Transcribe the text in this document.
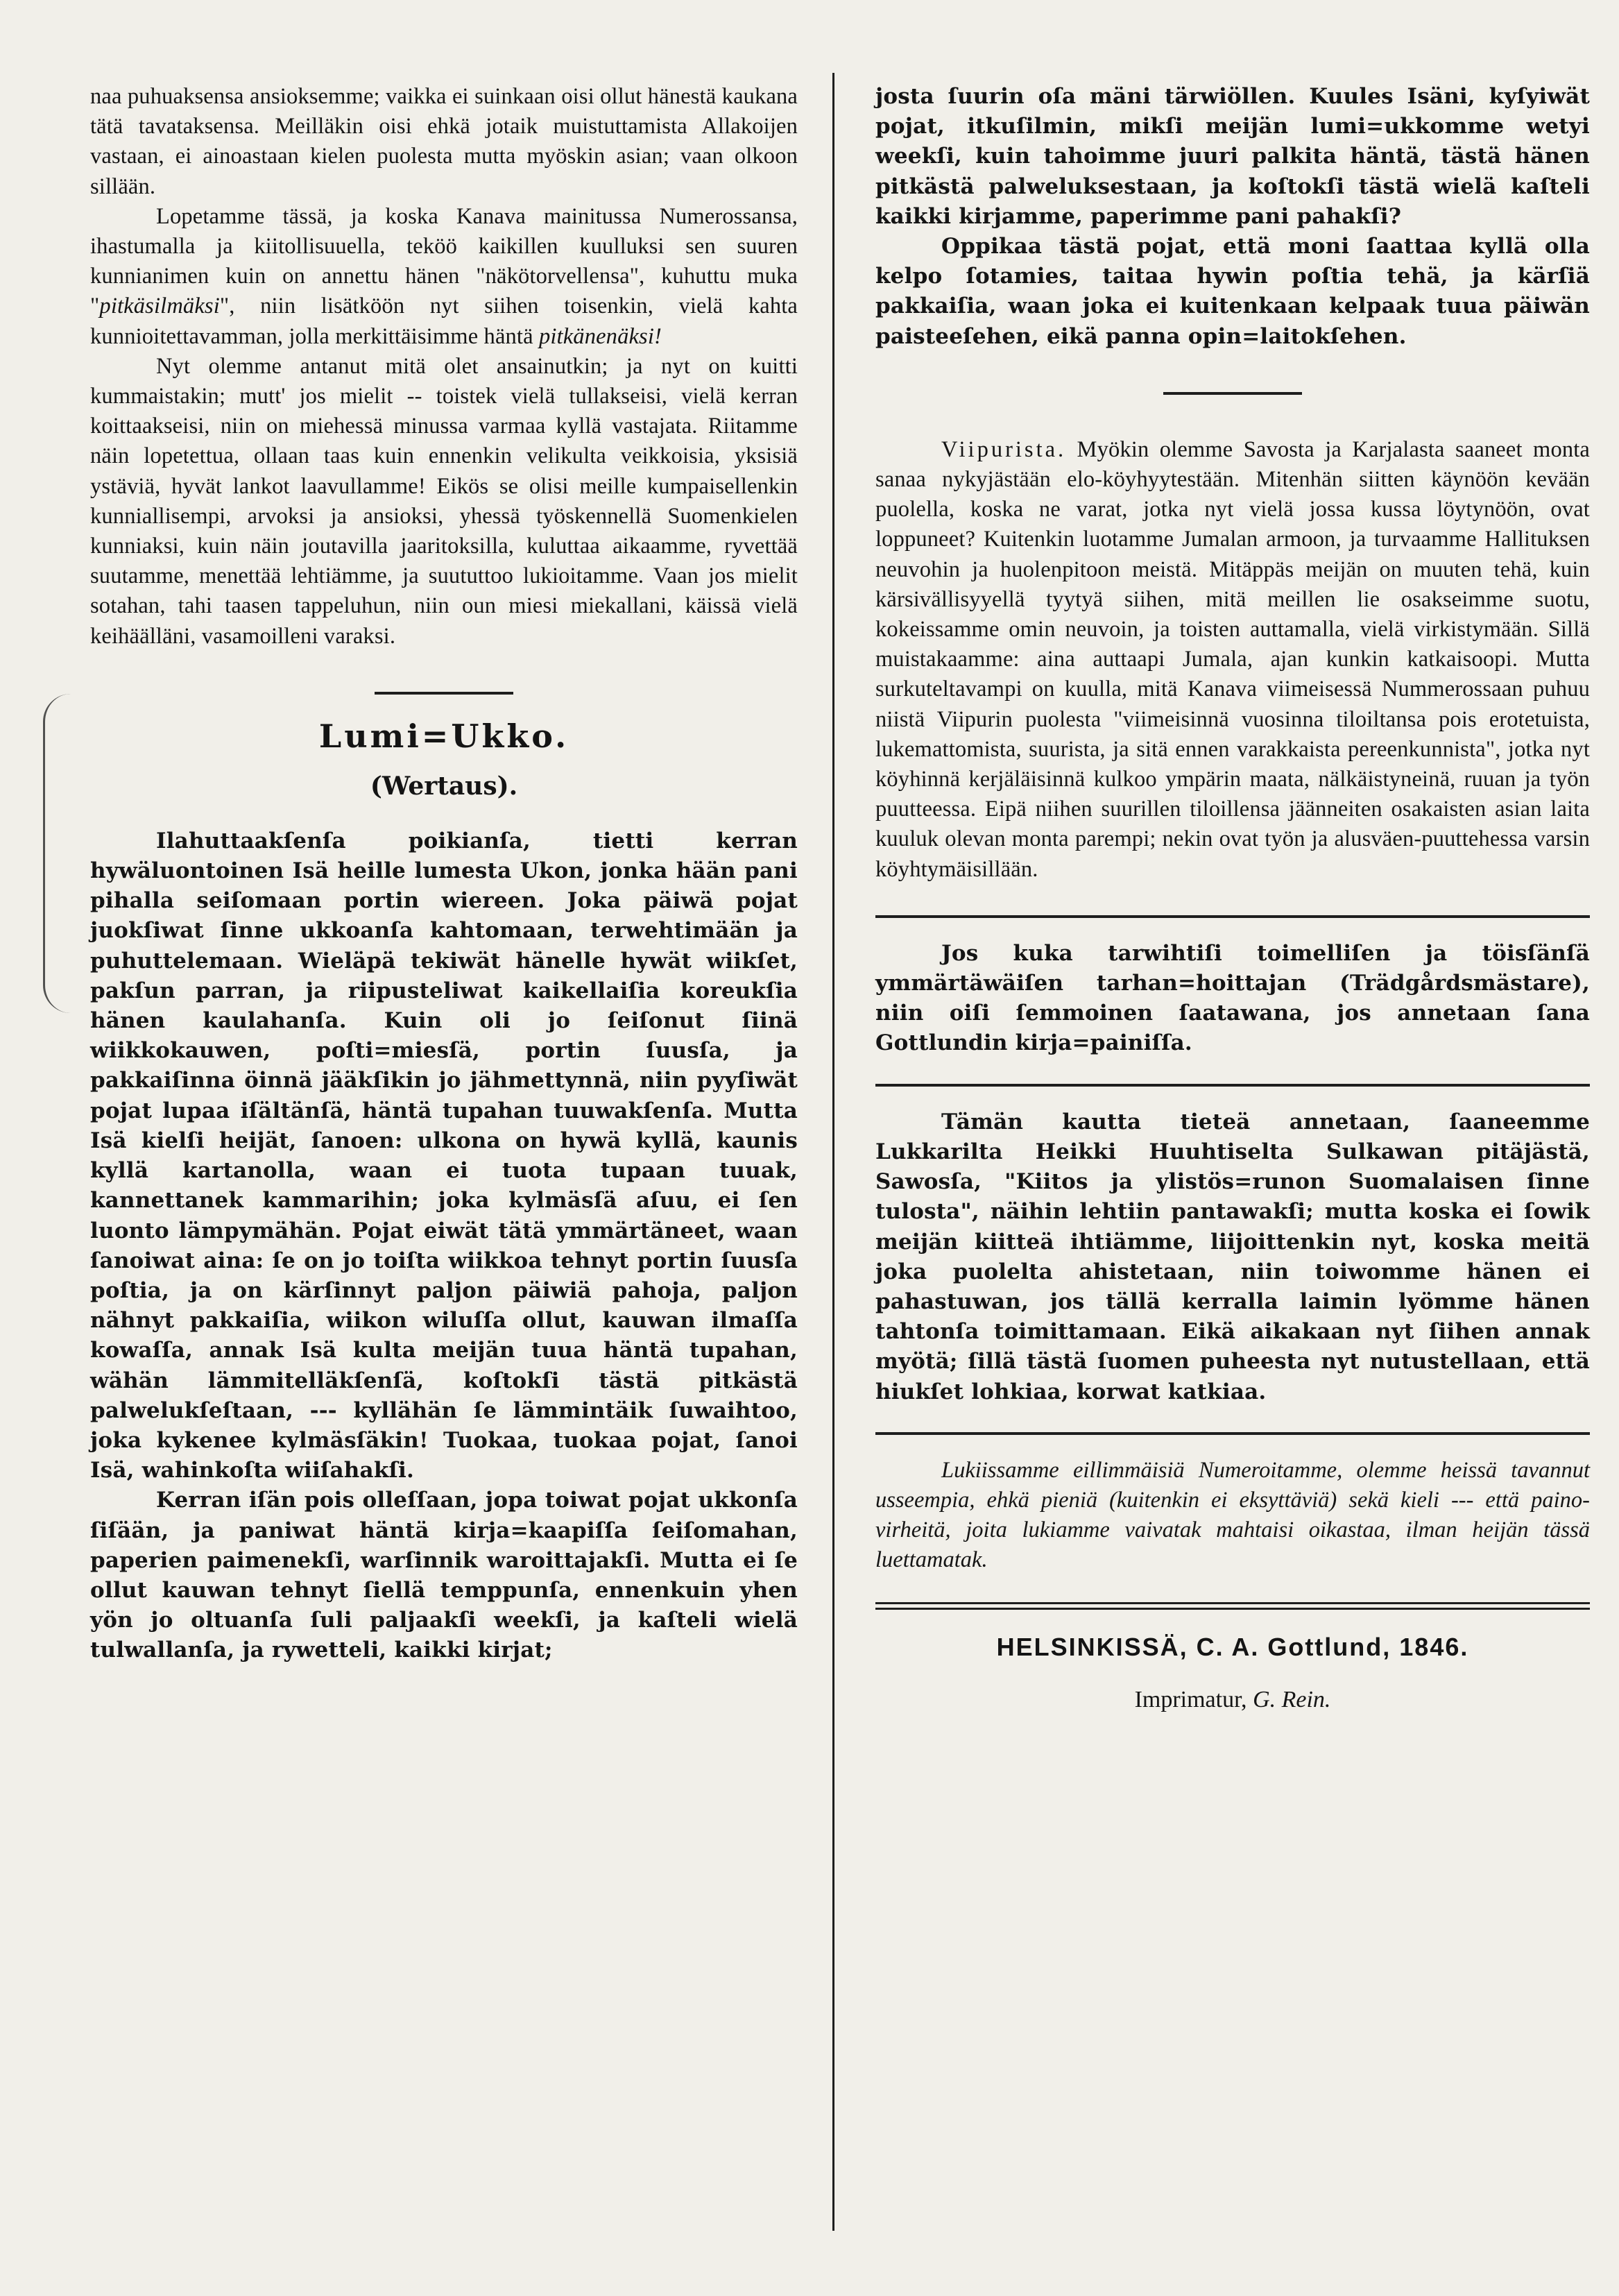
naa puhuaksensa ansioksemme; vaikka ei suinkaan oisi ollut hänestä kaukana tätä tavataksensa. Meilläkin oisi ehkä jotaik muistuttamista Allakoijen vastaan, ei ainoastaan kielen puolesta mutta myöskin asian; vaan olkoon sillään.

Lopetamme tässä, ja koska Kanava mainitussa Numerossansa, ihastumalla ja kiitollisuuella, teköö kaikillen kuulluksi sen suuren kunnianimen kuin on annettu hänen "näkötorvellensa", kuhuttu muka "pitkäsilmäksi", niin lisätköön nyt siihen toisenkin, vielä kahta kunnioitettavamman, jolla merkittäisimme häntä pitkänenäksi!

Nyt olemme antanut mitä olet ansainutkin; ja nyt on kuitti kummaistakin; mutt' jos mielit -- toistek vielä tullakseisi, vielä kerran koittaakseisi, niin on miehessä minussa varmaa kyllä vastajata. Riitamme näin lopetettua, ollaan taas kuin ennenkin velikulta veikkoisia, yksisiä ystäviä, hyvät lankot laavullamme! Eikös se olisi meille kumpaisellenkin kunniallisempi, arvoksi ja ansioksi, yhessä työskennellä Suomenkielen kunniaksi, kuin näin joutavilla jaaritoksilla, kuluttaa aikaamme, ryvettää suutamme, menettää lehtiämme, ja suututtoo lukioitamme. Vaan jos mielit sotahan, tahi taasen tappeluhun, niin oun miesi miekallani, käissä vielä keihäälläni, vasamoilleni varaksi.

Lumi=Ukko.
(Wertaus).

Ilahuttaakſenſa poikianſa, tietti kerran hywäluontoinen Isä heille lumesta Ukon, jonka hään pani pihalla seiſomaan portin wiereen. Joka päiwä pojat juokſiwat ſinne ukkoanſa kahtomaan, terwehtimään ja puhuttelemaan. Wieläpä tekiwät hänelle hywät wiikſet, pakſun parran, ja riipusteliwat kaikellaiſia koreukſia hänen kaulahanſa. Kuin oli jo ſeiſonut ſiinä wiikkokauwen, poſti=miesſä, portin ſuusſa, ja pakkaiſinna öinnä jääkſikin jo jähmettynnä, niin pyyſiwät pojat lupaa iſältänſä, häntä tupahan tuuwakſenſa. Mutta Isä kielſi heijät, ſanoen: ulkona on hywä kyllä, kaunis kyllä kartanolla, waan ei tuota tupaan tuuak, kannettanek kammarihin; joka kylmäsſä aſuu, ei ſen luonto lämpymähän. Pojat eiwät tätä ymmärtäneet, waan ſanoiwat aina: ſe on jo toiſta wiikkoa tehnyt portin ſuusſa poſtia, ja on kärſinnyt paljon päiwiä pahoja, paljon nähnyt pakkaiſia, wiikon wiluſſa ollut, kauwan ilmaſſa kowaſſa, annak Isä kulta meijän tuua häntä tupahan, wähän lämmitelläkſenſä, koſtokſi tästä pitkästä palwelukſeſtaan, --- kyllähän ſe lämmintäik ſuwaihtoo, joka kykenee kylmäsſäkin! Tuokaa, tuokaa pojat, ſanoi Isä, wahinkoſta wiiſahakſi.

Kerran iſän pois olleſſaan, jopa toiwat pojat ukkonſa ſiſään, ja paniwat häntä kirja=kaapiſſa ſeiſomahan, paperien paimenekſi, warſinnik waroittajakſi. Mutta ei ſe ollut kauwan tehnyt ſiellä temppunſa, ennenkuin yhen yön jo oltuanſa ſuli paljaakſi weekſi, ja kaſteli wielä tulwallanſa, ja rywetteli, kaikki kirjat;

josta ſuurin oſa mäni tärwiöllen. Kuules Isäni, kyſyiwät pojat, itkuſilmin, mikſi meijän lumi=ukkomme wetyi weekſi, kuin tahoimme juuri palkita häntä, tästä hänen pitkästä palweluksestaan, ja koſtokſi tästä wielä kaſteli kaikki kirjamme, paperimme pani pahakſi?

Oppikaa tästä pojat, että moni ſaattaa kyllä olla kelpo ſotamies, taitaa hywin poſtia tehä, ja kärſiä pakkaiſia, waan joka ei kuitenkaan kelpaak tuua päiwän paisteeſehen, eikä panna opin=laitokſehen.

Viipurista. Myökin olemme Savosta ja Karjalasta saaneet monta sanaa nykyjästään elo-köyhyytestään. Mitenhän siitten käynöön kevään puolella, koska ne varat, jotka nyt vielä jossa kussa löytynöön, ovat loppuneet? Kuitenkin luotamme Jumalan armoon, ja turvaamme Hallituksen neuvohin ja huolenpitoon meistä. Mitäppäs meijän on muuten tehä, kuin kärsivällisyyellä tyytyä siihen, mitä meillen lie osakseimme suotu, kokeissamme omin neuvoin, ja toisten auttamalla, vielä virkistymään. Sillä muistakaamme: aina auttaapi Jumala, ajan kunkin katkaisoopi. Mutta surkuteltavampi on kuulla, mitä Kanava viimeisessä Nummerossaan puhuu niistä Viipurin puolesta "viimeisinnä vuosinna tiloiltansa pois erotetuista, lukemattomista, suurista, ja sitä ennen varakkaista pereenkunnista", jotka nyt köyhinnä kerjäläisinnä kulkoo ympärin maata, nälkäistyneinä, ruuan ja työn puutteessa. Eipä niihen suurillen tiloillensa jäänneiten osakaisten asian laita kuuluk olevan monta parempi; nekin ovat työn ja alusväen-puuttehessa varsin köyhtymäisillään.

Jos kuka tarwihtiſi toimelliſen ja töisſänſä ymmärtäwäiſen tarhan=hoittajan (Trädgårdsmästare), niin oiſi ſemmoinen ſaatawana, jos annetaan ſana Gottlundin kirja=painiſſa.

Tämän kautta tieteä annetaan, ſaaneemme Lukkarilta Heikki Huuhtiselta Sulkawan pitäjästä, Sawosſa, "Kiitos ja ylistös=runon Suomalaisen ſinne tulosta", näihin lehtiin pantawakſi; mutta koska ei ſowik meijän kiitteä ihtiämme, liijoittenkin nyt, koska meitä joka puolelta ahistetaan, niin toiwomme hänen ei pahastuwan, jos tällä kerralla laimin lyömme hänen tahtonſa toimittamaan. Eikä aikakaan nyt ſiihen annak myötä; ſillä tästä ſuomen puheesta nyt nutustellaan, että hiukſet lohkiaa, korwat katkiaa.

Lukiissamme eillimmäisiä Numeroitamme, olemme heissä tavannut usseempia, ehkä pieniä (kuitenkin ei eksyttäviä) sekä kieli --- että paino-virheitä, joita lukiamme vaivatak mahtaisi oikastaa, ilman heijän tässä luettamatak.

HELSINKISSÄ, C. A. Gottlund, 1846.
Imprimatur, G. Rein.
